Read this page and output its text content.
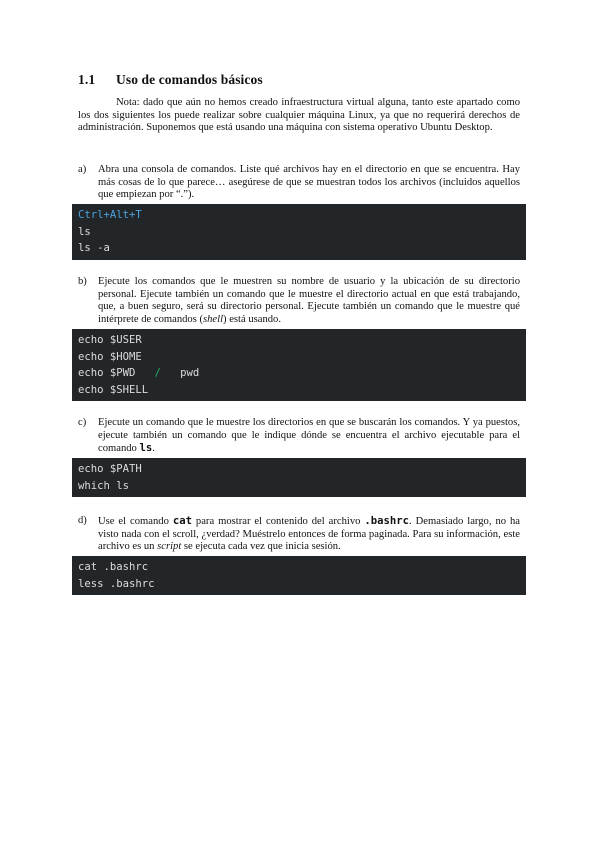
1.1 Uso de comandos básicos
Nota: dado que aún no hemos creado infraestructura virtual alguna, tanto este apartado como los dos siguientes los puede realizar sobre cualquier máquina Linux, ya que no requerirá derechos de administración. Suponemos que está usando una máquina con sistema operativo Ubuntu Desktop.
a)	Abra una consola de comandos. Liste qué archivos hay en el directorio en que se encuentra. Hay más cosas de lo que parece… asegúrese de que se muestran todos los archivos (incluidos aquellos que empiezan por “.”).
Ctrl+Alt+T
ls
ls -a
b)	Ejecute los comandos que le muestren su nombre de usuario y la ubicación de su directorio personal. Ejecute también un comando que le muestre el directorio actual en que está trabajando, que, a buen seguro, será su directorio personal. Ejecute también un comando que le muestre qué intérprete de comandos (shell) está usando.
echo $USER
echo $HOME
echo $PWD / pwd
echo $SHELL
c)	Ejecute un comando que le muestre los directorios en que se buscarán los comandos. Y ya puestos, ejecute también un comando que le indique dónde se encuentra el archivo ejecutable para el comando ls.
echo $PATH
which ls
d)	Use el comando cat para mostrar el contenido del archivo .bashrc. Demasiado largo, no ha visto nada con el scroll, ¿verdad? Muéstrelo entonces de forma paginada. Para su información, este archivo es un script se ejecuta cada vez que inicia sesión.
cat .bashrc
less .bashrc
